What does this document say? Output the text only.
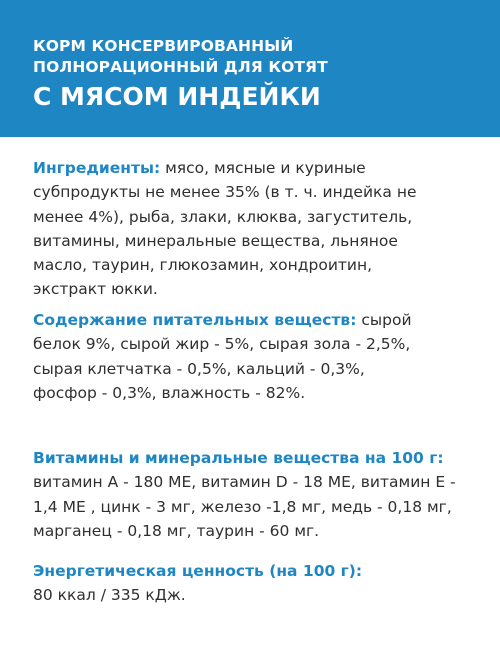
КОРМ КОНСЕРВИРОВАННЫЙ
ПОЛНОРАЦИОННЫЙ ДЛЯ КОТЯТ
С МЯСОМ ИНДЕЙКИ
Ингредиенты: мясо, мясные и куриные
субпродукты не менее 35% (в т. ч. индейка не
менее 4%), рыба, злаки, клюква, загуститель,
витамины, минеральные вещества, льняное
масло, таурин, глюкозамин, хондроитин,
экстракт юкки.
Содержание питательных веществ: сырой
белок 9%, сырой жир - 5%, сырая зола - 2,5%,
сырая клетчатка - 0,5%, кальций - 0,3%,
фосфор - 0,3%, влажность - 82%.
Витамины и минеральные вещества на 100 г:
витамин А - 180 МЕ, витамин D - 18 МЕ, витамин Е -
1,4 МЕ , цинк - 3 мг, железо -1,8 мг, медь - 0,18 мг,
марганец - 0,18 мг, таурин - 60 мг.
Энергетическая ценность (на 100 г):
80 ккал / 335 кДж.
